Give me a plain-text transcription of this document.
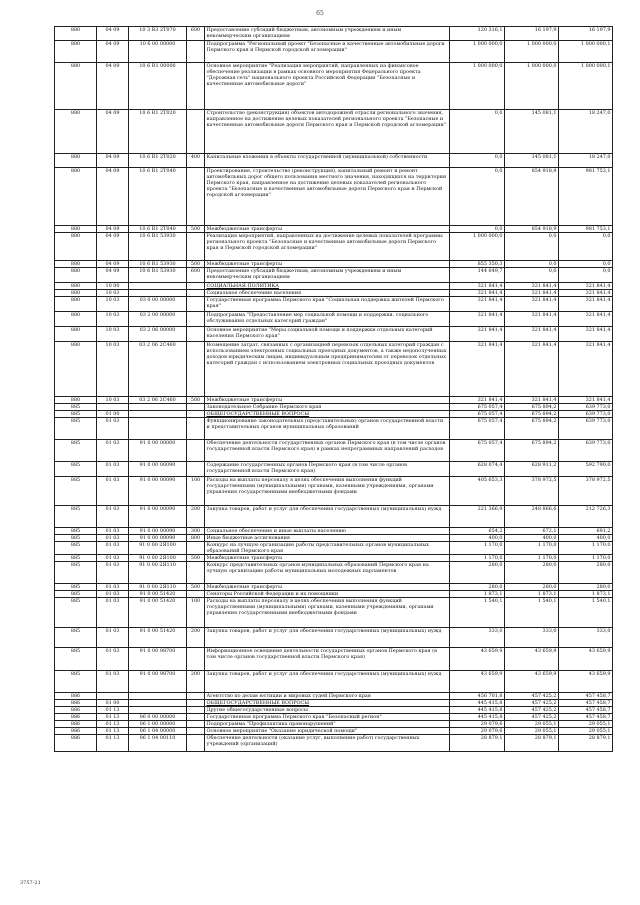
65
880	04 09	10 3 R3 2Т070	600	Предоставление субсидий бюджетным, автономным учреждениям и иным некоммерческим организациям	120 316,1	16 197,9	16 197,9
880	04 09	10 6 00 00000		Подпрограмма "Региональный проект "Безопасные и качественные автомобильные дороги Пермского края и Пермской городской агломерации"	1 000 000,0	1 000 000,0	1 000 000,1
880	04 09	10 6 R1 00000		Основное мероприятие "Реализация мероприятий, направленных на финансовое обеспечение реализации в рамках основного мероприятия Федерального проекта "Дорожная сеть" национального проекта Российской Федерации "Безопасные и качественные автомобильные дороги"	1 000 000,0	1 000 000,0	1 000 000,1
880	04 09	10 6 R1 2Т020		Строительство (реконструкция) объектов автодорожной отрасли регионального значения, направленное на достижение целевых показателей регионального проекта "Безопасные и качественные автомобильные дороги Пермского края и Пермской городской агломерации"	0,0	145 081,1	18 247,0
880	04 09	10 6 R1 2Т020	400	Капитальные вложения в объекты государственной (муниципальной) собственности	0,0	145 081,1	18 247,0
880	04 09	10 6 R1 2Т040		Проектирование, строительство (реконструкция), капитальный ремонт и ремонт автомобильных дорог общего пользования местного значения, находящихся на территории Пермского края, направленное на достижение целевых показателей регионального проекта "Безопасные и качественные автомобильные дороги Пермского края и Пермской городской агломерации"	0,0	854 918,9	981 753,1
880	04 09	10 6 R1 2Т040	500	Межбюджетные трансферты	0,0	854 918,9	981 753,1
880	04 09	10 6 R1 53930		Реализация мероприятий, направленных на достижение целевых показателей программы регионального проекта "Безопасные и качественные автомобильные дороги Пермского края и Пермской городской агломерации"	1 000 000,0	0,0	0,0
880	04 09	10 6 R1 53930	500	Межбюджетные трансферты	855 350,3	0,0	0,0
880	04 09	10 6 R1 53930	600	Предоставление субсидий бюджетным, автономным учреждениям и иным некоммерческим организациям	144 649,7	0,0	0,0
880	10 00			СОЦИАЛЬНАЯ ПОЛИТИКА	321 841,4	321 841,4	321 841,4
880	10 03			Социальное обеспечение населения	321 841,4	321 841,4	321 841,4
880	10 03	03 0 00 00000		Государственная программа Пермского края "Социальная поддержка жителей Пермского края"	321 841,4	321 841,4	321 841,4
880	10 03	03 2 00 00000		Подпрограмма "Предоставление мер социальной помощи и поддержки, социального обслуживания отдельных категорий граждан"	321 841,4	321 841,4	321 841,4
880	10 03	03 2 06 00000		Основное мероприятие "Меры социальной помощи и поддержки отдельных категорий населения Пермского края"	321 841,4	321 841,4	321 841,4
880	10 03	03 2 06 2С460		Возмещение затрат, связанных с организацией перевозок отдельных категорий граждан с использованием электронных социальных проездных документов, а также недополученных доходов юридическим лицам, индивидуальным предпринимателям от перевозок отдельных категорий граждан с использованием электронных социальных проездных документов	321 841,4	321 841,4	321 841,4
880	10 03	03 2 06 2С460	500	Межбюджетные трансферты	321 841,4	321 841,4	321 841,4
885				Законодательное Собрание Пермского края	675 057,4	675 894,2	639 773,0
885	01 00			ОБЩЕГОСУДАРСТВЕННЫЕ ВОПРОСЫ	675 057,4	675 894,2	639 773,0
885	01 03			Функционирование законодательных (представительных) органов государственной власти и представительных органов муниципальных образований	675 057,4	675 894,2	639 773,0
885	01 03	91 0 00 00000		Обеспечение деятельности государственных органов Пермского края (в том числе органов государственной власти Пермского края) в рамках непрограммных направлений расходов	675 057,4	675 894,2	639 773,0
885	01 03	91 0 00 00090		Содержание государственных органов Пермского края (в том числе органов государственной власти Пермского края)	628 074,4	628 911,2	592 790,0
885	01 03	91 0 00 00090	100	Расходы на выплаты персоналу в целях обеспечения выполнения функций государственными (муниципальными) органами, казенными учреждениями, органами управления государственными внебюджетными фондами	405 653,3	378 972,5	378 972,5
885	01 03	91 0 00 00090	200	Закупка товаров, работ и услуг для обеспечения государственных (муниципальных) нужд	221 366,9	248 866,6	212 726,3
885	01 03	91 0 00 00090	300	Социальное обеспечение и иные выплаты населению	654,2	672,1	691,2
885	01 03	91 0 00 00090	800	Иные бюджетные ассигнования	400,0	400,0	400,0
885	01 03	91 0 00 2Я100		Конкурс на лучшую организацию работы представительных органов муниципальных образований Пермского края	1 170,0	1 170,0	1 170,0
885	01 03	91 0 00 2Я100	500	Межбюджетные трансферты	1 170,0	1 170,0	1 170,0
885	01 03	91 0 00 2Я110		Конкурс представительных органов муниципальных образований Пермского края на лучшую организацию работы муниципальных молодежных парламентов	280,0	280,0	280,0
885	01 03	91 0 00 2Я110	500	Межбюджетные трансферты	280,0	280,0	280,0
885	01 03	91 0 00 51420		Сенаторы Российской Федерации и их помощники	1 873,1	1 873,1	1 873,1
885	01 03	91 0 00 51420	100	Расходы на выплаты персоналу в целях обеспечения выполнения функций государственными (муниципальными) органами, казенными учреждениями, органами управления государственными внебюджетными фондами	1 540,1	1 540,1	1 540,1
885	01 03	91 0 00 51420	200	Закупка товаров, работ и услуг для обеспечения государственных (муниципальных) нужд	333,0	333,0	333,0
885	01 03	91 0 00 98700		Информационное освещение деятельности государственных органов Пермского края (в том числе органов государственной власти Пермского края)	43 659,9	43 659,9	43 659,9
885	01 03	91 0 00 98700	200	Закупка товаров, работ и услуг для обеспечения государственных (муниципальных) нужд	43 659,9	43 659,9	43 659,9
886				Агентство по делам юстиции и мировых судей Пермского края	456 701,8	457 425,2	457 458,7
886	01 00			ОБЩЕГОСУДАРСТВЕННЫЕ ВОПРОСЫ	445 415,8	457 425,2	457 458,7
886	01 13			Другие общегосударственные вопросы	445 415,8	457 425,2	457 458,7
886	01 13	06 0 00 00000		Государственная программа Пермского края "Безопасный регион"	445 415,8	457 425,2	457 458,7
886	01 13	06 1 00 00000		Подпрограмма "Профилактика правонарушений"	29 079,6	29 055,1	29 055,1
886	01 13	06 1 04 00000		Основное мероприятие "Оказание юридической помощи"	29 079,6	29 055,1	29 055,1
886	01 13	06 1 04 00110		Обеспечение деятельности (оказание услуг, выполнение работ) государственных учреждений (организаций)	28 879,1	28 879,1	28 879,1
3757-21
